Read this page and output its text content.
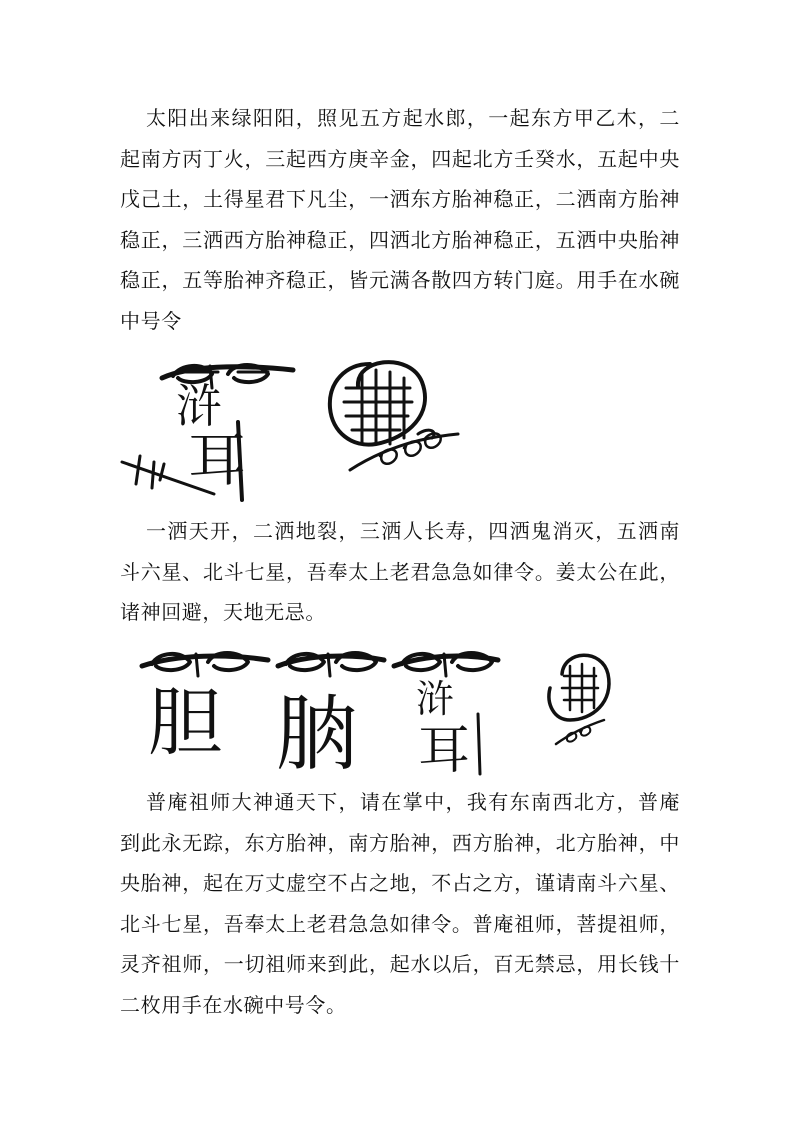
太阳出来绿阳阳，照见五方起水郎，一起东方甲乙木，二起南方丙丁火，三起西方庚辛金，四起北方壬癸水，五起中央戊己土，土得星君下凡尘，一洒东方胎神稳正，二洒南方胎神稳正，三洒西方胎神稳正，四洒北方胎神稳正，五洒中央胎神稳正，五等胎神齐稳正，皆元满各散四方转门庭。用手在水碗中号令

浒
耳

一洒天开，二洒地裂，三洒人长寿，四洒鬼消灭，五洒南斗六星、北斗七星，吾奉太上老君急急如律令。姜太公在此，诸神回避，天地无忌。

胆 朒 浒
耳

普庵祖师大神通天下，请在掌中，我有东南西北方，普庵到此永无踪，东方胎神，南方胎神，西方胎神，北方胎神，中央胎神，起在万丈虚空不占之地，不占之方，谨请南斗六星、北斗七星，吾奉太上老君急急如律令。普庵祖师，菩提祖师，灵齐祖师，一切祖师来到此，起水以后，百无禁忌，用长钱十二枚用手在水碗中号令。
